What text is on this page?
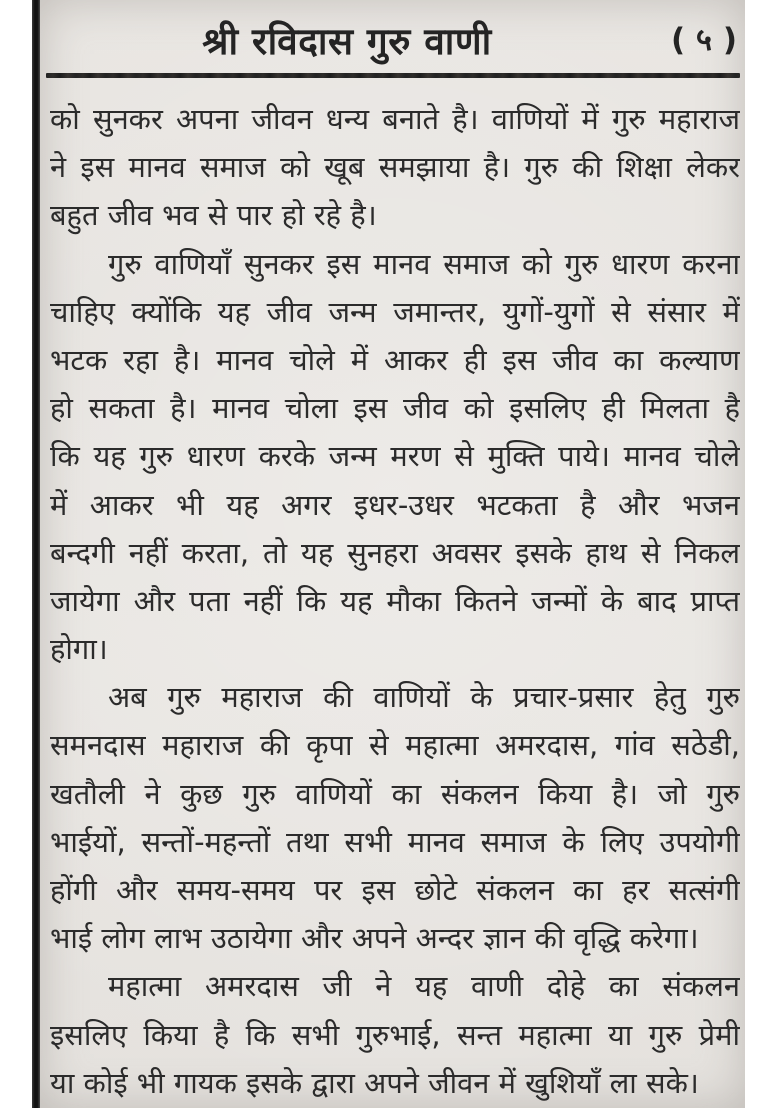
श्री रविदास गुरु वाणी	( ५ )
को सुनकर अपना जीवन धन्य बनाते है। वाणियों में गुरु महाराज
ने इस मानव समाज को खूब समझाया है। गुरु की शिक्षा लेकर
बहुत जीव भव से पार हो रहे है।
गुरु वाणियाँ सुनकर इस मानव समाज को गुरु धारण करना
चाहिए क्योंकि यह जीव जन्म जमान्तर, युगों-युगों से संसार में
भटक रहा है। मानव चोले में आकर ही इस जीव का कल्याण
हो सकता है। मानव चोला इस जीव को इसलिए ही मिलता है
कि यह गुरु धारण करके जन्म मरण से मुक्ति पाये। मानव चोले
में आकर भी यह अगर इधर-उधर भटकता है और भजन
बन्दगी नहीं करता, तो यह सुनहरा अवसर इसके हाथ से निकल
जायेगा और पता नहीं कि यह मौका कितने जन्मों के बाद प्राप्त
होगा।
अब गुरु महाराज की वाणियों के प्रचार-प्रसार हेतु गुरु
समनदास महाराज की कृपा से महात्मा अमरदास, गांव सठेडी,
खतौली ने कुछ गुरु वाणियों का संकलन किया है। जो गुरु
भाईयों, सन्तों-महन्तों तथा सभी मानव समाज के लिए उपयोगी
होंगी और समय-समय पर इस छोटे संकलन का हर सत्संगी
भाई लोग लाभ उठायेगा और अपने अन्दर ज्ञान की वृद्धि करेगा।
महात्मा अमरदास जी ने यह वाणी दोहे का संकलन
इसलिए किया है कि सभी गुरुभाई, सन्त महात्मा या गुरु प्रेमी
या कोई भी गायक इसके द्वारा अपने जीवन में खुशियाँ ला सके।
